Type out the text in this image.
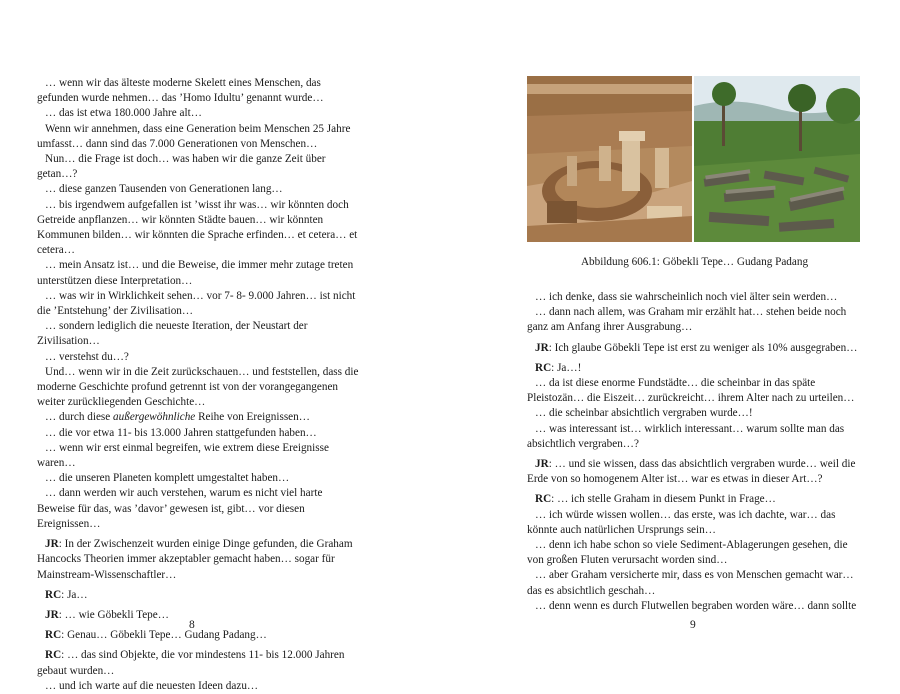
… wenn wir das älteste moderne Skelett eines Menschen, das gefunden wurde nehmen… das ’Homo Idultu’ genannt wurde…

… das ist etwa 180.000 Jahre alt…

Wenn wir annehmen, dass eine Generation beim Menschen 25 Jahre umfasst… dann sind das 7.000 Generationen von Menschen…

Nun… die Frage ist doch… was haben wir die ganze Zeit über getan…?

… diese ganzen Tausenden von Generationen lang…

… bis irgendwem aufgefallen ist ’wisst ihr was… wir könnten doch Getreide anpflanzen… wir könnten Städte bauen… wir könnten Kommunen bilden… wir könnten die Sprache erfinden… et cetera… et cetera…

… mein Ansatz ist… und die Beweise, die immer mehr zutage treten unterstützen diese Interpretation…

… was wir in Wirklichkeit sehen… vor 7- 8- 9.000 Jahren… ist nicht die ’Entstehung’ der Zivilisation…

… sondern lediglich die neueste Iteration, der Neustart der Zivilisation…

… verstehst du…?

Und… wenn wir in die Zeit zurückschauen… und feststellen, dass die moderne Geschichte profund getrennt ist von der vorangegangenen weiter zurückliegenden Geschichte…

… durch diese außergewöhnliche Reihe von Ereignissen…

… die vor etwa 11- bis 13.000 Jahren stattgefunden haben…

… wenn wir erst einmal begreifen, wie extrem diese Ereignisse waren…

… die unseren Planeten komplett umgestaltet haben…

… dann werden wir auch verstehen, warum es nicht viel harte Beweise für das, was ’davor’ gewesen ist, gibt… vor diesen Ereignissen…

JR: In der Zwischenzeit wurden einige Dinge gefunden, die Graham Hancocks Theorien immer akzeptabler gemacht haben… sogar für Mainstream-Wissenschaftler…

RC: Ja…

JR: … wie Göbekli Tepe…

RC: Genau… Göbekli Tepe… Gudang Padang…

RC: … das sind Objekte, die vor mindestens 11- bis 12.000 Jahren gebaut wurden…

… und ich warte auf die neuesten Ideen dazu…

8
Abbildung 606.1: Göbekli Tepe… Gudang Padang

… ich denke, dass sie wahrscheinlich noch viel älter sein werden…

… dann nach allem, was Graham mir erzählt hat… stehen beide noch ganz am Anfang ihrer Ausgrabung…

JR: Ich glaube Göbekli Tepe ist erst zu weniger als 10% ausgegraben…

RC: Ja…!

… da ist diese enorme Fundstädte… die scheinbar in das späte Pleistozän… die Eiszeit… zurückreicht… ihrem Alter nach zu urteilen…

… die scheinbar absichtlich vergraben wurde…!

… was interessant ist… wirklich interessant… warum sollte man das absichtlich vergraben…?

JR: … und sie wissen, dass das absichtlich vergraben wurde… weil die Erde von so homogenem Alter ist… war es etwas in dieser Art…?

RC: … ich stelle Graham in diesem Punkt in Frage…

… ich würde wissen wollen… das erste, was ich dachte, war… das könnte auch natürlichen Ursprungs sein…

… denn ich habe schon so viele Sediment-Ablagerungen gesehen, die von großen Fluten verursacht worden sind…

… aber Graham versicherte mir, dass es von Menschen gemacht war… das es absichtlich geschah…

… denn wenn es durch Flutwellen begraben worden wäre… dann sollte

9
